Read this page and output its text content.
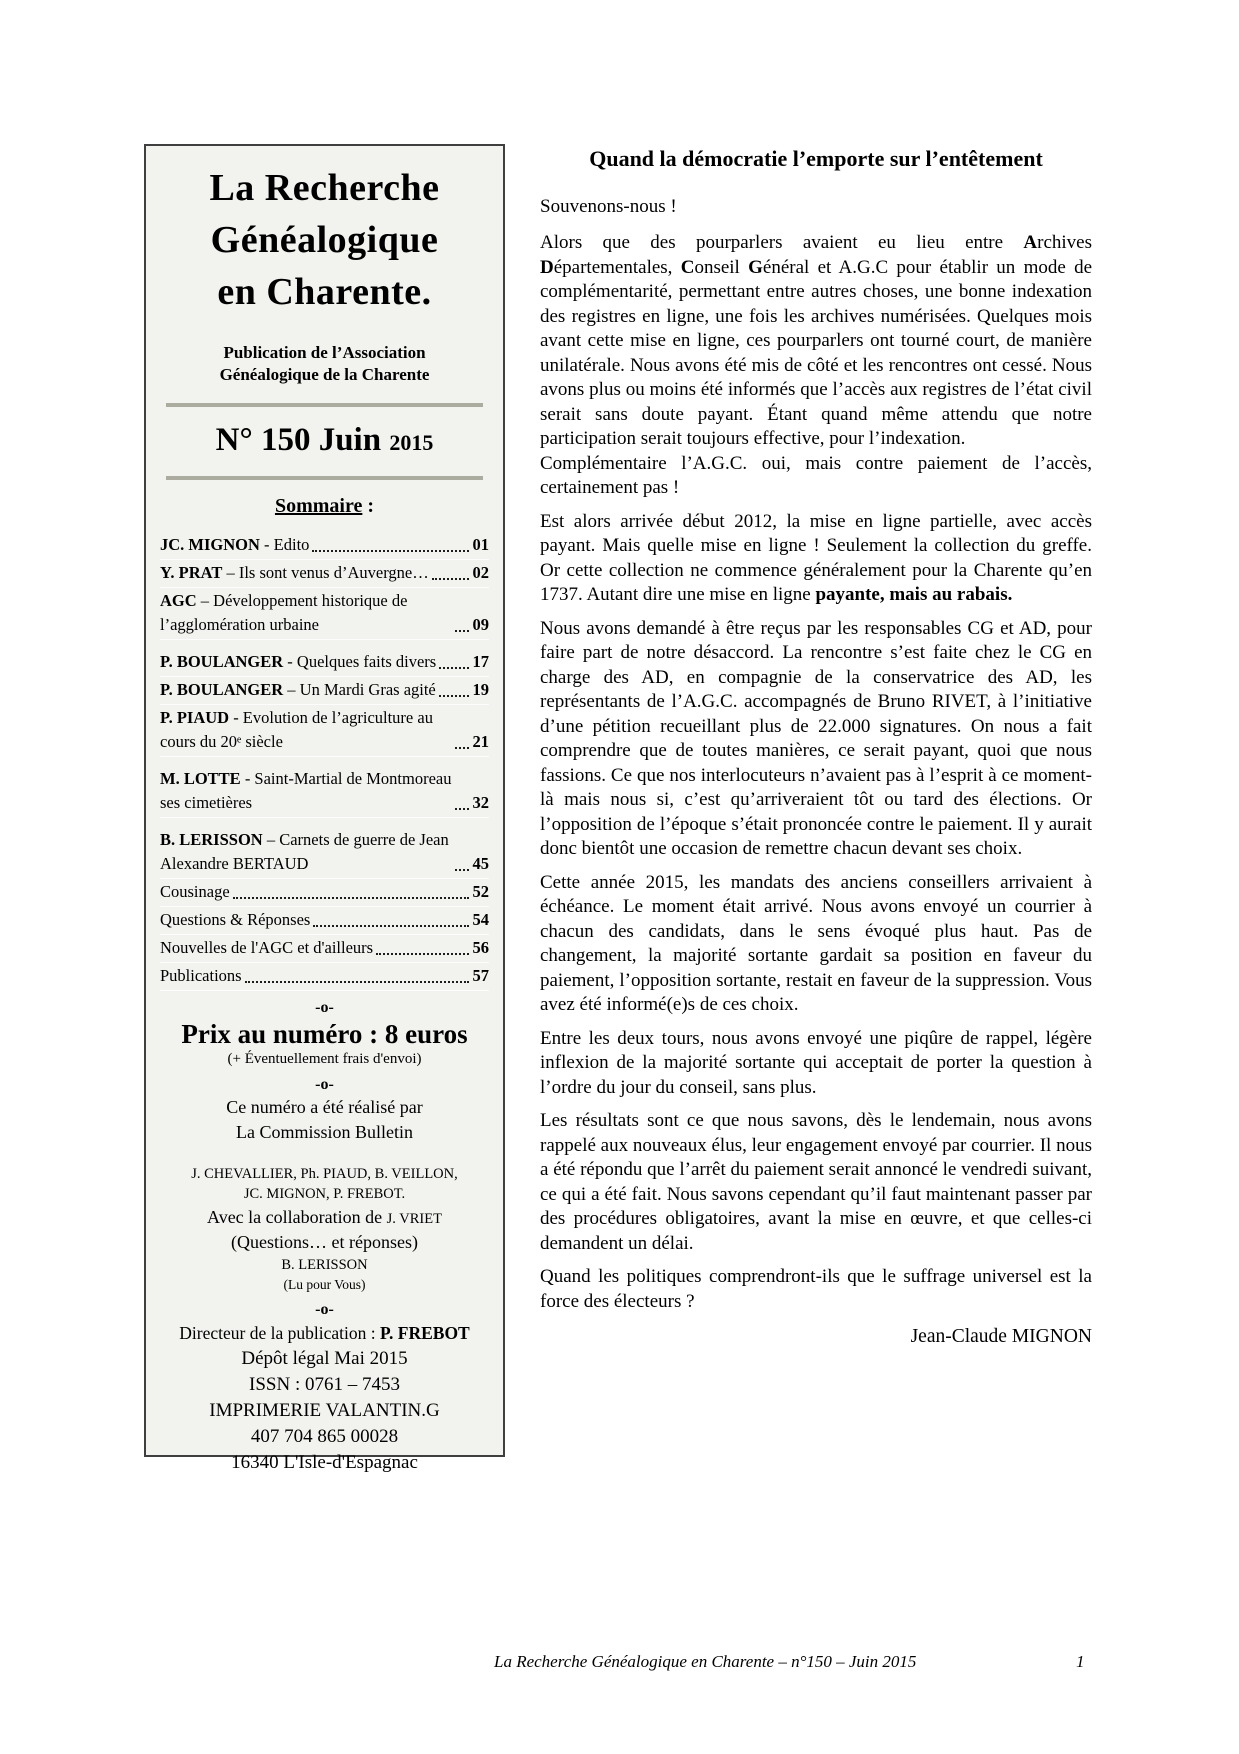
La Recherche
Généalogique
en Charente.
Publication de l’Association
Généalogique de la Charente
N° 150 Juin 2015
Sommaire :
JC. MIGNON - Edito	01
Y. PRAT – Ils sont venus d’Auvergne…	02
AGC – Développement historique de l’agglomération urbaine	09
P. BOULANGER - Quelques faits divers 17
P. BOULANGER – Un Mardi Gras agité 19
P. PIAUD - Evolution de l’agriculture au cours du 20ᵉ siècle	21
M. LOTTE - Saint-Martial de Montmoreau ses cimetières	32
B. LERISSON – Carnets de guerre de Jean Alexandre BERTAUD	45
Cousinage	52
Questions & Réponses	54
Nouvelles de l'AGC et d'ailleurs	56
Publications	57
-o-
Prix au numéro : 8 euros
(+ Éventuellement frais d'envoi)
-o-
Ce numéro a été réalisé par
La Commission Bulletin
J. CHEVALLIER, Ph. PIAUD, B. VEILLON,
JC. MIGNON, P. FREBOT.
Avec la collaboration de J. VRIET
(Questions… et réponses)
B. LERISSON
(Lu pour Vous)
-o-
Directeur de la publication : P. FREBOT
Dépôt légal Mai 2015
ISSN : 0761 – 7453
IMPRIMERIE VALANTIN.G
407 704 865 00028
16340 L'Isle-d'Espagnac
Quand la démocratie l’emporte sur l’entêtement
Souvenons-nous !

Alors que des pourparlers avaient eu lieu entre Archives Départementales, Conseil Général et A.G.C pour établir un mode de complémentarité, permettant entre autres choses, une bonne indexation des registres en ligne, une fois les archives numérisées. Quelques mois avant cette mise en ligne, ces pourparlers ont tourné court, de manière unilatérale. Nous avons été mis de côté et les rencontres ont cessé. Nous avons plus ou moins été informés que l’accès aux registres de l’état civil serait sans doute payant. Étant quand même attendu que notre participation serait toujours effective, pour l’indexation.

Complémentaire l’A.G.C. oui, mais contre paiement de l’accès, certainement pas !

Est alors arrivée début 2012, la mise en ligne partielle, avec accès payant. Mais quelle mise en ligne ! Seulement la collection du greffe. Or cette collection ne commence généralement pour la Charente qu’en 1737. Autant dire une mise en ligne payante, mais au rabais.

Nous avons demandé à être reçus par les responsables CG et AD, pour faire part de notre désaccord. La rencontre s’est faite chez le CG en charge des AD, en compagnie de la conservatrice des AD, les représentants de l’A.G.C. accompagnés de Bruno RIVET, à l’initiative d’une pétition recueillant plus de 22.000 signatures. On nous a fait comprendre que de toutes manières, ce serait payant, quoi que nous fassions. Ce que nos interlocuteurs n’avaient pas à l’esprit à ce moment-là mais nous si, c’est qu’arriveraient tôt ou tard des élections. Or l’opposition de l’époque s’était prononcée contre le paiement. Il y aurait donc bientôt une occasion de remettre chacun devant ses choix.

Cette année 2015, les mandats des anciens conseillers arrivaient à échéance. Le moment était arrivé. Nous avons envoyé un courrier à chacun des candidats, dans le sens évoqué plus haut. Pas de changement, la majorité sortante gardait sa position en faveur du paiement, l’opposition sortante, restait en faveur de la suppression. Vous avez été informé(e)s de ces choix.

Entre les deux tours, nous avons envoyé une piqûre de rappel, légère inflexion de la majorité sortante qui acceptait de porter la question à l’ordre du jour du conseil, sans plus.

Les résultats sont ce que nous savons, dès le lendemain, nous avons rappelé aux nouveaux élus, leur engagement envoyé par courrier. Il nous a été répondu que l’arrêt du paiement serait annoncé le vendredi suivant, ce qui a été fait. Nous savons cependant qu’il faut maintenant passer par des procédures obligatoires, avant la mise en œuvre, et que celles-ci demandent un délai.

Quand les politiques comprendront-ils que le suffrage universel est la force des électeurs ?

Jean-Claude MIGNON
La Recherche Généalogique en Charente – n°150 – Juin 2015	1
